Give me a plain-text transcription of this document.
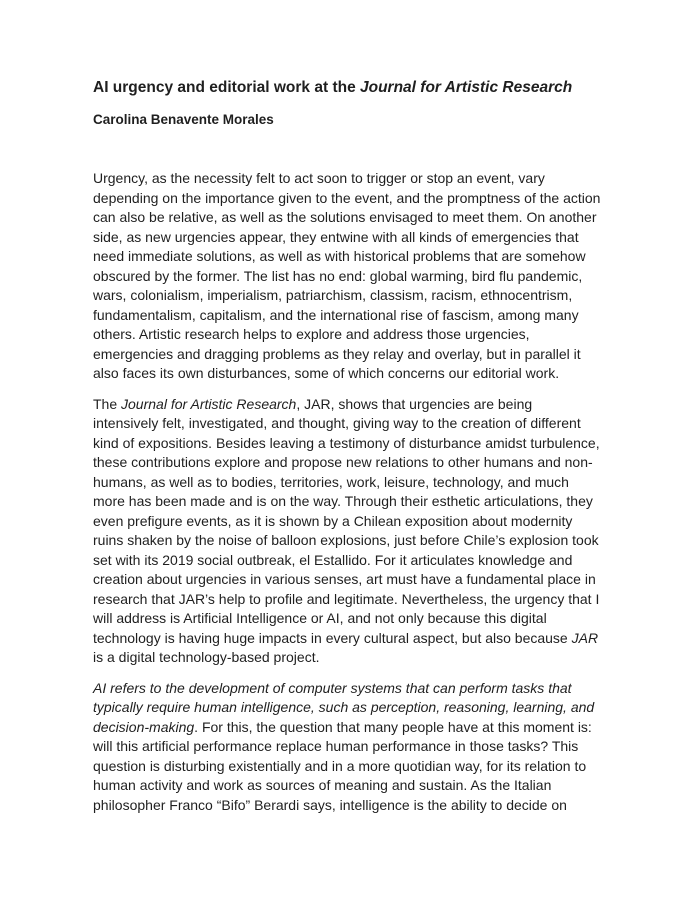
AI urgency and editorial work at the Journal for Artistic Research
Carolina Benavente Morales

Urgency, as the necessity felt to act soon to trigger or stop an event, vary depending on the importance given to the event, and the promptness of the action can also be relative, as well as the solutions envisaged to meet them. On another side, as new urgencies appear, they entwine with all kinds of emergencies that need immediate solutions, as well as with historical problems that are somehow obscured by the former. The list has no end: global warming, bird flu pandemic, wars, colonialism, imperialism, patriarchism, classism, racism, ethnocentrism, fundamentalism, capitalism, and the international rise of fascism, among many others. Artistic research helps to explore and address those urgencies, emergencies and dragging problems as they relay and overlay, but in parallel it also faces its own disturbances, some of which concerns our editorial work.

The Journal for Artistic Research, JAR, shows that urgencies are being intensively felt, investigated, and thought, giving way to the creation of different kind of expositions. Besides leaving a testimony of disturbance amidst turbulence, these contributions explore and propose new relations to other humans and non-humans, as well as to bodies, territories, work, leisure, technology, and much more has been made and is on the way. Through their esthetic articulations, they even prefigure events, as it is shown by a Chilean exposition about modernity ruins shaken by the noise of balloon explosions, just before Chile’s explosion took set with its 2019 social outbreak, el Estallido. For it articulates knowledge and creation about urgencies in various senses, art must have a fundamental place in research that JAR’s help to profile and legitimate. Nevertheless, the urgency that I will address is Artificial Intelligence or AI, and not only because this digital technology is having huge impacts in every cultural aspect, but also because JAR is a digital technology-based project.

AI refers to the development of computer systems that can perform tasks that typically require human intelligence, such as perception, reasoning, learning, and decision-making. For this, the question that many people have at this moment is: will this artificial performance replace human performance in those tasks? This question is disturbing existentially and in a more quotidian way, for its relation to human activity and work as sources of meaning and sustain. As the Italian philosopher Franco “Bifo” Berardi says, intelligence is the ability to decide on
